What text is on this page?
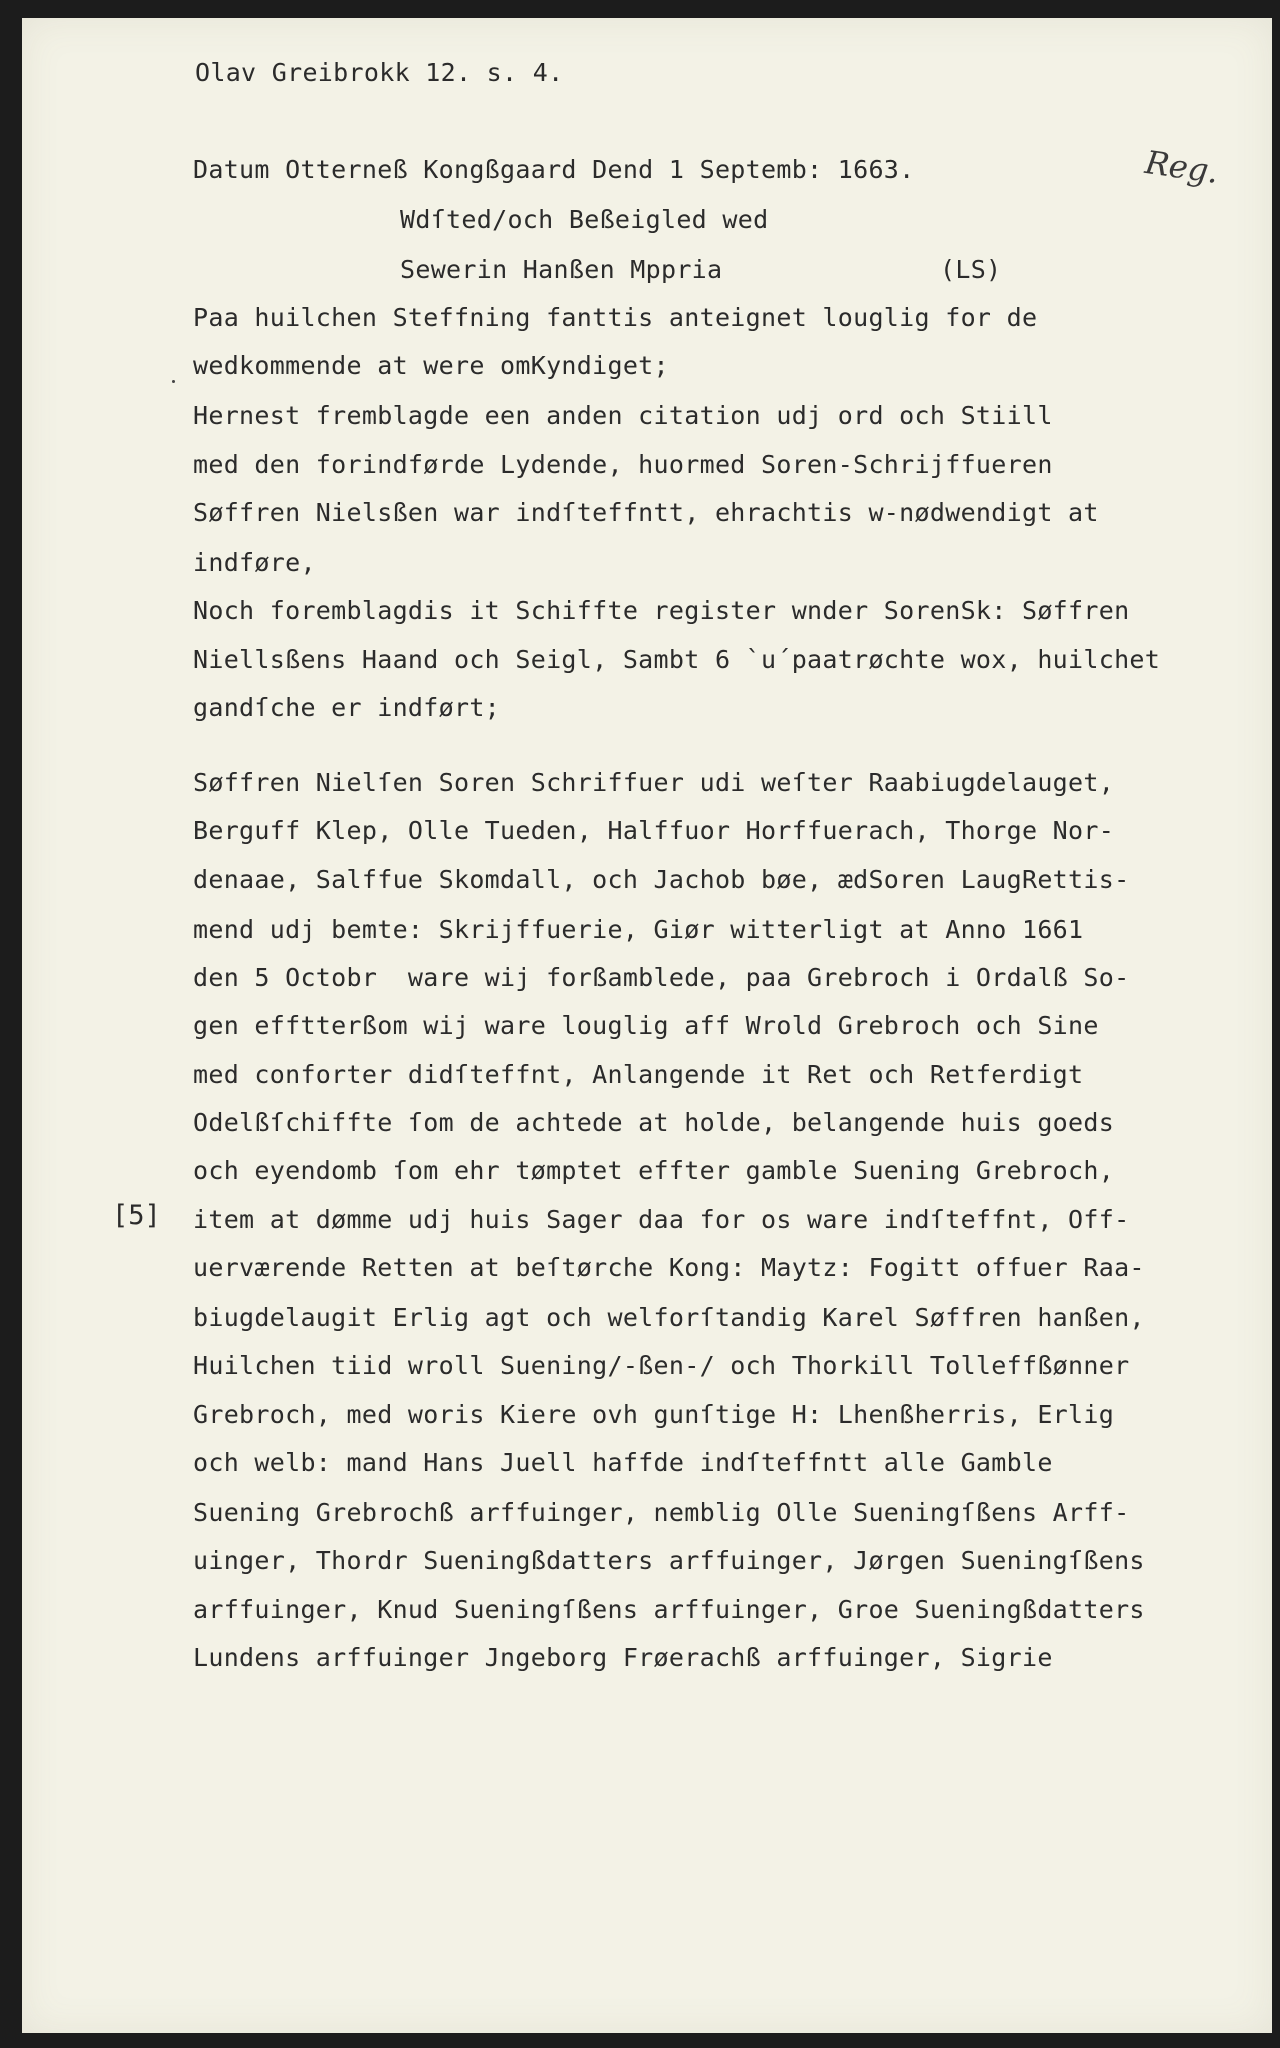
Reg.
Olav Greibrokk 12. s. 4.
Datum Otterneß Kongßgaard Dend 1 Septemb: 1663.
Wdſted/och Beßeigled wed
Sewerin Hanßen Mppria	(LS)
Paa huilchen Steffning fanttis anteignet louglig for de
wedkommende at were omKyndiget;
Hernest fremblagde een anden citation udj ord och Stiill
med den forindførde Lydende, huormed Soren-Schrijffueren
Søffren Nielsßen war indſteffntt, ehrachtis w-nødwendigt at
indføre,
Noch foremblagdis it Schiffte register wnder SorenSk: Søffren
Niellsßens Haand och Seigl, Sambt 6 `u´paatrøchte wox, huilchet
gandſche er indført;
Søffren Nielſen Soren Schriffuer udi weſter Raabiugdelauget,
Berguff Klep, Olle Tueden, Halffuor Horffuerach, Thorge Nor-
denaae, Salffue Skomdall, och Jachob bøe, ædSoren LaugRettis-
mend udj bemte: Skrijffuerie, Giør witterligt at Anno 1661
den 5 Octobr  ware wij forßamblede, paa Grebroch i Ordalß So-
gen efftterßom wij ware louglig aff Wrold Grebroch och Sine
med conforter didſteffnt, Anlangende it Ret och Retferdigt
Odelßſchiffte ſom de achtede at holde, belangende huis goeds
och eyendomb ſom ehr tømptet effter gamble Suening Grebroch,
item at dømme udj huis Sager daa for os ware indſteffnt, Off-
uerværende Retten at beſtørche Kong: Maytz: Fogitt offuer Raa-
biugdelaugit Erlig agt och welforſtandig Karel Søffren hanßen,
Huilchen tiid wroll Suening/-ßen-/ och Thorkill Tolleffßønner
Grebroch, med woris Kiere ovh gunſtige H: Lhenßherris, Erlig
och welb: mand Hans Juell haffde indſteffntt alle Gamble
Suening Grebrochß arffuinger, nemblig Olle Sueningſßens Arff-
uinger, Thordr Sueningßdatters arffuinger, Jørgen Sueningſßens
arffuinger, Knud Sueningſßens arffuinger, Groe Sueningßdatters
Lundens arffuinger Jngeborg Frøerachß arffuinger, Sigrie
[5]
